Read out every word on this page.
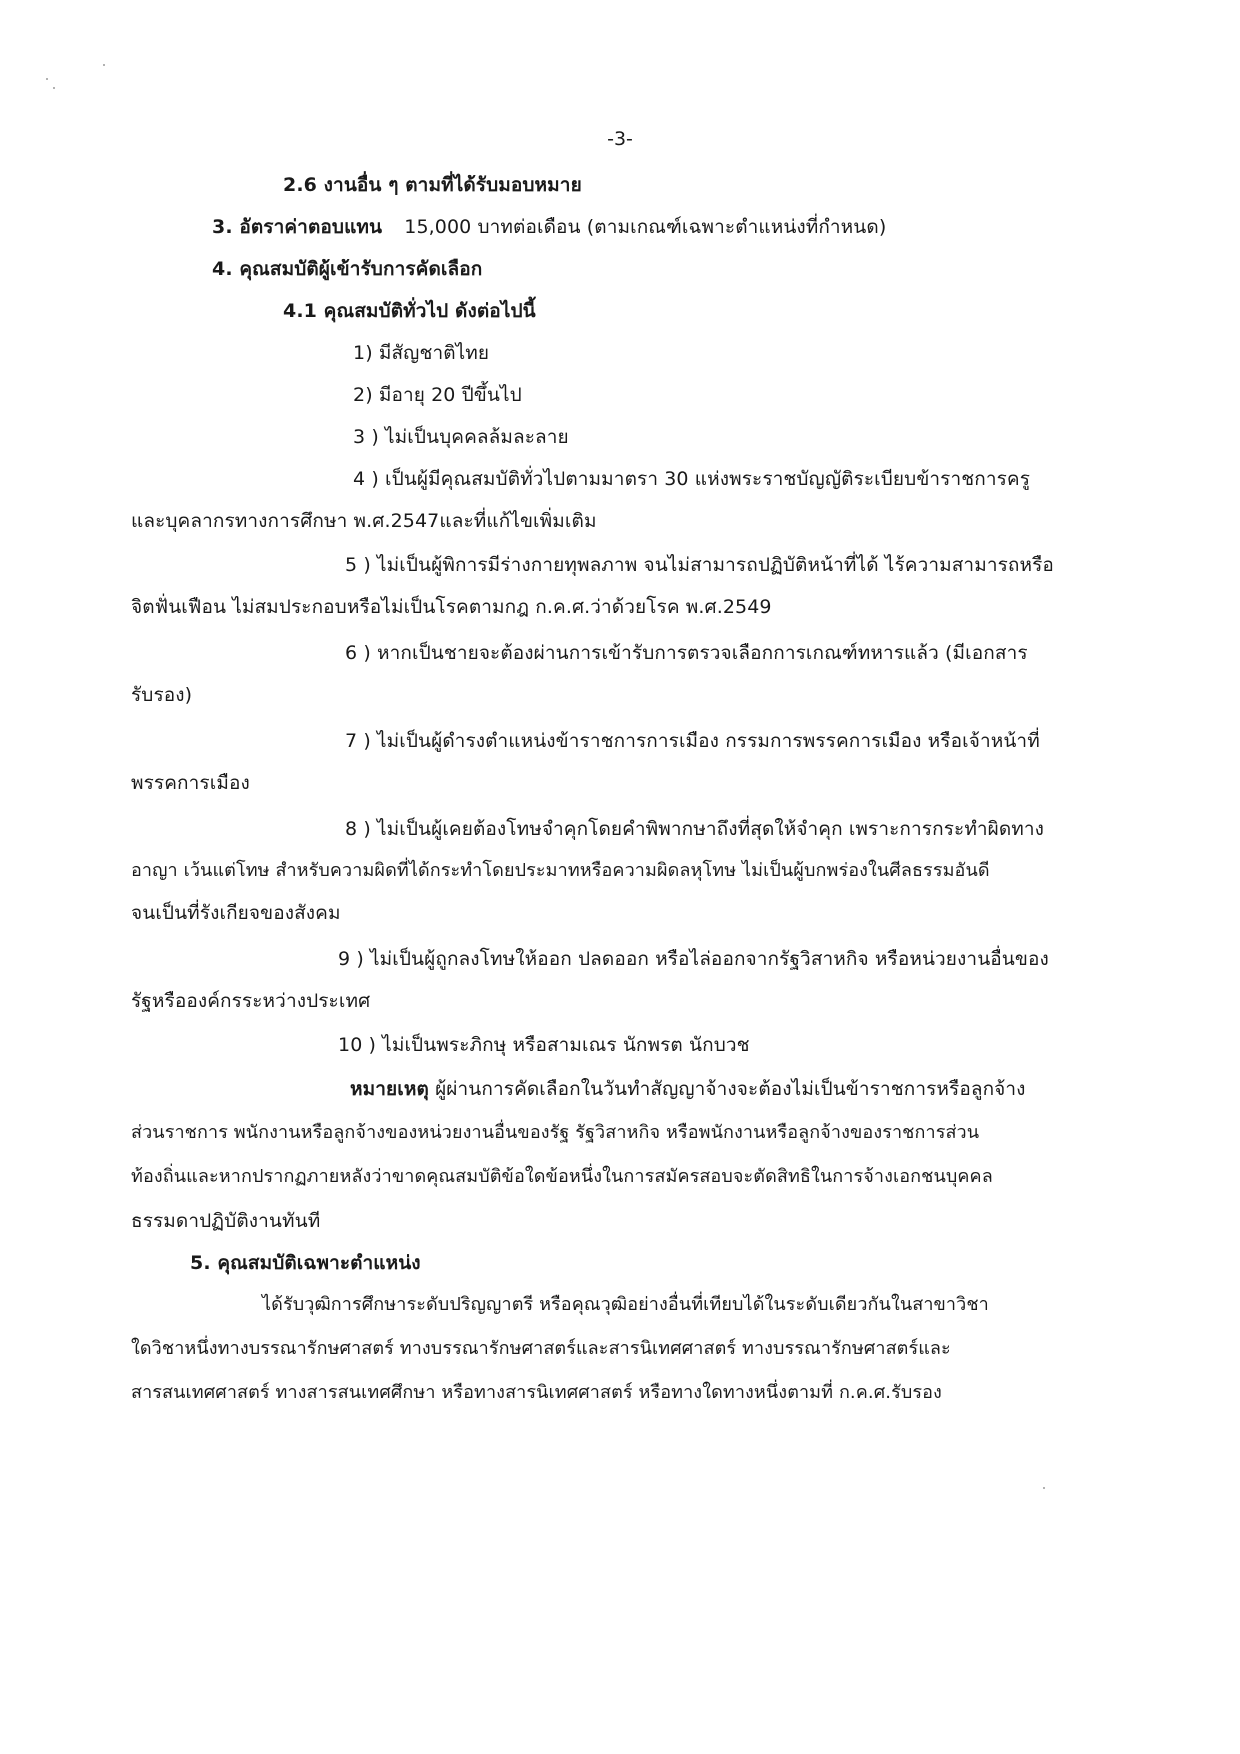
-3-
2.6 งานอื่น ๆ ตามที่ได้รับมอบหมาย
3. อัตราค่าตอบแทน 15,000 บาทต่อเดือน (ตามเกณฑ์เฉพาะตำแหน่งที่กำหนด)
4. คุณสมบัติผู้เข้ารับการคัดเลือก
4.1 คุณสมบัติทั่วไป ดังต่อไปนี้
1) มีสัญชาติไทย
2) มีอายุ 20 ปีขึ้นไป
3 ) ไม่เป็นบุคคลล้มละลาย
4 ) เป็นผู้มีคุณสมบัติทั่วไปตามมาตรา 30 แห่งพระราชบัญญัติระเบียบข้าราชการครู
และบุคลากรทางการศึกษา พ.ศ.2547และที่แก้ไขเพิ่มเติม
5 ) ไม่เป็นผู้พิการมีร่างกายทุพลภาพ จนไม่สามารถปฏิบัติหน้าที่ได้ ไร้ความสามารถหรือ
จิตฟั่นเฟือน ไม่สมประกอบหรือไม่เป็นโรคตามกฎ ก.ค.ศ.ว่าด้วยโรค พ.ศ.2549
6 ) หากเป็นชายจะต้องผ่านการเข้ารับการตรวจเลือกการเกณฑ์ทหารแล้ว (มีเอกสาร
รับรอง)
7 ) ไม่เป็นผู้ดำรงตำแหน่งข้าราชการการเมือง กรรมการพรรคการเมือง หรือเจ้าหน้าที่
พรรคการเมือง
8 ) ไม่เป็นผู้เคยต้องโทษจำคุกโดยคำพิพากษาถึงที่สุดให้จำคุก เพราะการกระทำผิดทาง
อาญา เว้นแต่โทษ สำหรับความผิดที่ได้กระทำโดยประมาทหรือความผิดลหุโทษ ไม่เป็นผู้บกพร่องในศีลธรรมอันดี
จนเป็นที่รังเกียจของสังคม
9 ) ไม่เป็นผู้ถูกลงโทษให้ออก ปลดออก หรือไล่ออกจากรัฐวิสาหกิจ หรือหน่วยงานอื่นของ
รัฐหรือองค์กรระหว่างประเทศ
10 ) ไม่เป็นพระภิกษุ หรือสามเณร นักพรต นักบวช
หมายเหตุ ผู้ผ่านการคัดเลือกในวันทำสัญญาจ้างจะต้องไม่เป็นข้าราชการหรือลูกจ้าง
ส่วนราชการ พนักงานหรือลูกจ้างของหน่วยงานอื่นของรัฐ รัฐวิสาหกิจ หรือพนักงานหรือลูกจ้างของราชการส่วน
ท้องถิ่นและหากปรากฏภายหลังว่าขาดคุณสมบัติข้อใดข้อหนึ่งในการสมัครสอบจะตัดสิทธิในการจ้างเอกชนบุคคล
ธรรมดาปฏิบัติงานทันที
5. คุณสมบัติเฉพาะตำแหน่ง
ได้รับวุฒิการศึกษาระดับปริญญาตรี หรือคุณวุฒิอย่างอื่นที่เทียบได้ในระดับเดียวกันในสาขาวิชา
ใดวิชาหนึ่งทางบรรณารักษศาสตร์ ทางบรรณารักษศาสตร์และสารนิเทศศาสตร์ ทางบรรณารักษศาสตร์และ
สารสนเทศศาสตร์ ทางสารสนเทศศึกษา หรือทางสารนิเทศศาสตร์ หรือทางใดทางหนึ่งตามที่ ก.ค.ศ.รับรอง
